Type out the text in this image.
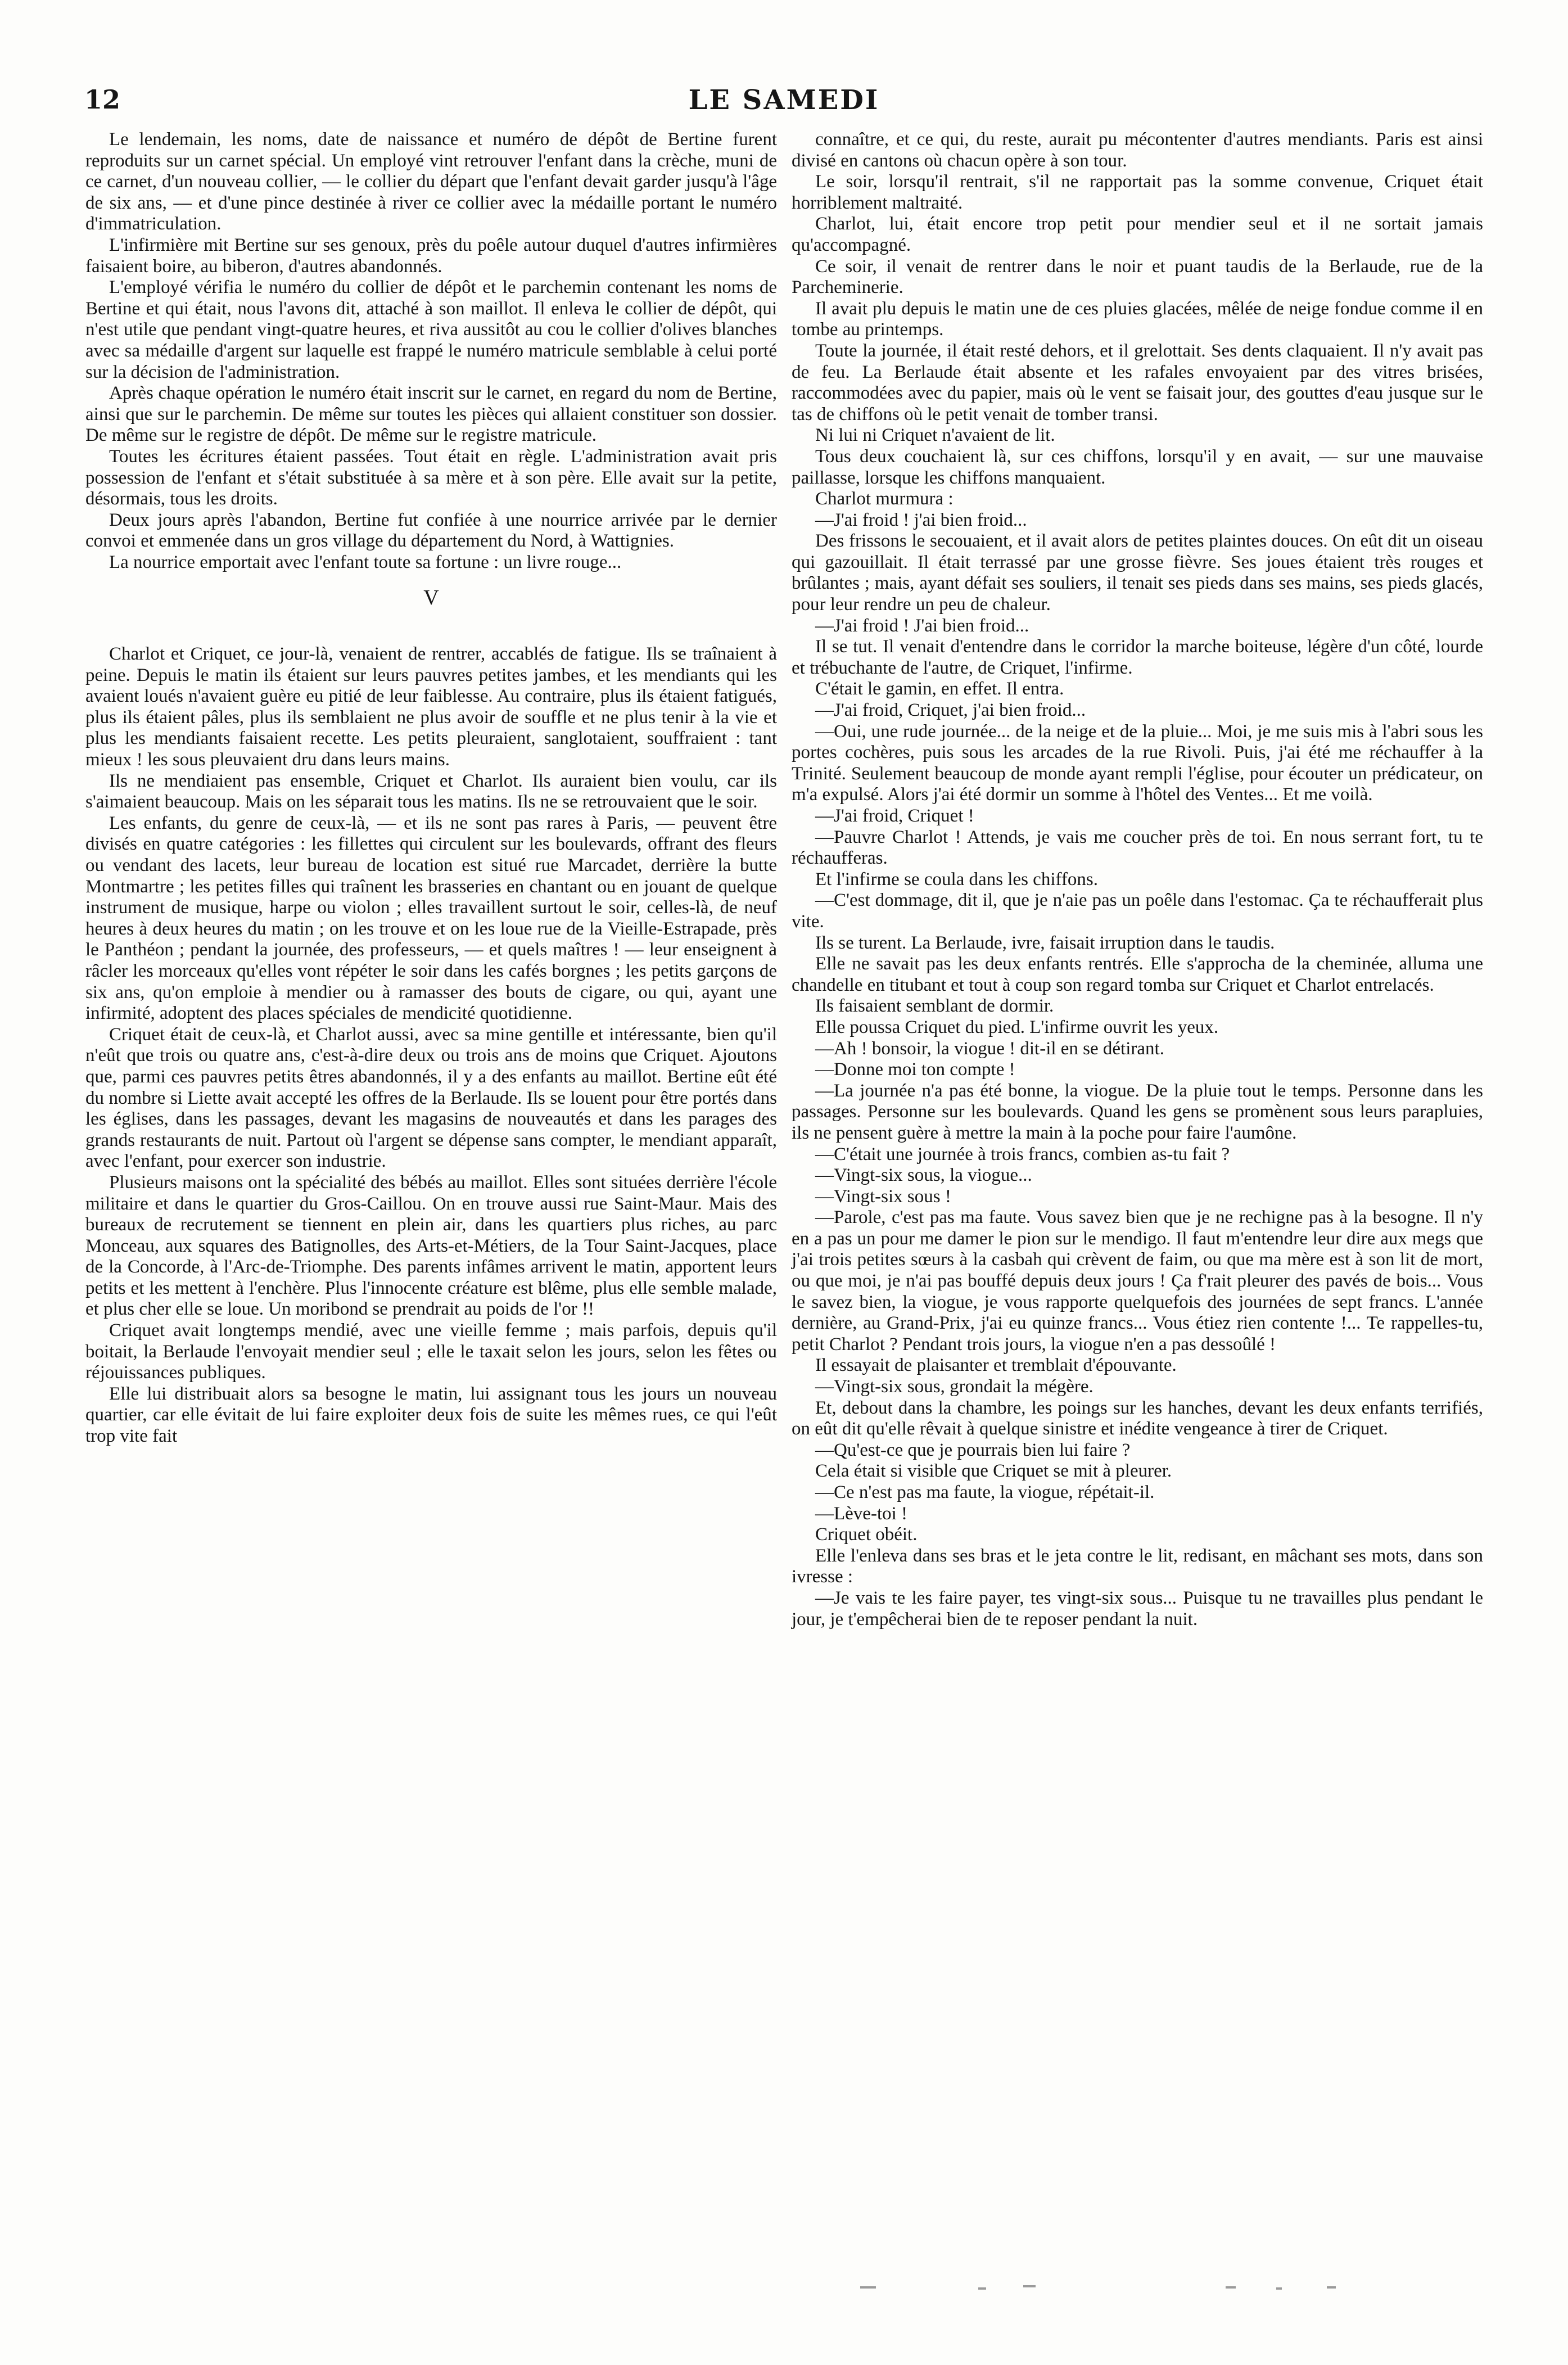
12	LE SAMEDI

Le lendemain, les noms, date de naissance et numéro de dépôt de Bertine furent reproduits sur un carnet spécial. Un employé vint retrouver l'enfant dans la crèche, muni de ce carnet, d'un nouveau collier, — le collier du départ que l'enfant devait garder jusqu'à l'âge de six ans, — et d'une pince destinée à river ce collier avec la médaille portant le numéro d'immatriculation.

L'infirmière mit Bertine sur ses genoux, près du poêle autour duquel d'autres infirmières faisaient boire, au biberon, d'autres abandonnés.

L'employé vérifia le numéro du collier de dépôt et le parchemin contenant les noms de Bertine et qui était, nous l'avons dit, attaché à son maillot. Il enleva le collier de dépôt, qui n'est utile que pendant vingt-quatre heures, et riva aussitôt au cou le collier d'olives blanches avec sa médaille d'argent sur laquelle est frappé le numéro matricule semblable à celui porté sur la décision de l'administration.

Après chaque opération le numéro était inscrit sur le carnet, en regard du nom de Bertine, ainsi que sur le parchemin. De même sur toutes les pièces qui allaient constituer son dossier. De même sur le registre de dépôt. De même sur le registre matricule.

Toutes les écritures étaient passées. Tout était en règle. L'administration avait pris possession de l'enfant et s'était substituée à sa mère et à son père. Elle avait sur la petite, désormais, tous les droits.

Deux jours après l'abandon, Bertine fut confiée à une nourrice arrivée par le dernier convoi et emmenée dans un gros village du département du Nord, à Wattignies.

La nourrice emportait avec l'enfant toute sa fortune : un livre rouge...

V

Charlot et Criquet, ce jour-là, venaient de rentrer, accablés de fatigue. Ils se traînaient à peine. Depuis le matin ils étaient sur leurs pauvres petites jambes, et les mendiants qui les avaient loués n'avaient guère eu pitié de leur faiblesse. Au contraire, plus ils étaient fatigués, plus ils étaient pâles, plus ils semblaient ne plus avoir de souffle et ne plus tenir à la vie et plus les mendiants faisaient recette. Les petits pleuraient, sanglotaient, souffraient : tant mieux ! les sous pleuvaient dru dans leurs mains.

Ils ne mendiaient pas ensemble, Criquet et Charlot. Ils auraient bien voulu, car ils s'aimaient beaucoup. Mais on les séparait tous les matins. Ils ne se retrouvaient que le soir.

Les enfants, du genre de ceux-là, — et ils ne sont pas rares à Paris, — peuvent être divisés en quatre catégories : les fillettes qui circulent sur les boulevards, offrant des fleurs ou vendant des lacets, leur bureau de location est situé rue Marcadet, derrière la butte Montmartre ; les petites filles qui traînent les brasseries en chantant ou en jouant de quelque instrument de musique, harpe ou violon ; elles travaillent surtout le soir, celles-là, de neuf heures à deux heures du matin ; on les trouve et on les loue rue de la Vieille-Estrapade, près le Panthéon ; pendant la journée, des professeurs, — et quels maîtres ! — leur enseignent à râcler les morceaux qu'elles vont répéter le soir dans les cafés borgnes ; les petits garçons de six ans, qu'on emploie à mendier ou à ramasser des bouts de cigare, ou qui, ayant une infirmité, adoptent des places spéciales de mendicité quotidienne.

Criquet était de ceux-là, et Charlot aussi, avec sa mine gentille et intéressante, bien qu'il n'eût que trois ou quatre ans, c'est-à-dire deux ou trois ans de moins que Criquet. Ajoutons que, parmi ces pauvres petits êtres abandonnés, il y a des enfants au maillot. Bertine eût été du nombre si Liette avait accepté les offres de la Berlaude. Ils se louent pour être portés dans les églises, dans les passages, devant les magasins de nouveautés et dans les parages des grands restaurants de nuit. Partout où l'argent se dépense sans compter, le mendiant apparaît, avec l'enfant, pour exercer son industrie.

Plusieurs maisons ont la spécialité des bébés au maillot. Elles sont situées derrière l'école militaire et dans le quartier du Gros-Caillou. On en trouve aussi rue Saint-Maur. Mais des bureaux de recrutement se tiennent en plein air, dans les quartiers plus riches, au parc Monceau, aux squares des Batignolles, des Arts-et-Métiers, de la Tour Saint-Jacques, place de la Concorde, à l'Arc-de-Triomphe. Des parents infâmes arrivent le matin, apportent leurs petits et les mettent à l'enchère. Plus l'innocente créature est blême, plus elle semble malade, et plus cher elle se loue. Un moribond se prendrait au poids de l'or !!

Criquet avait longtemps mendié, avec une vieille femme ; mais parfois, depuis qu'il boitait, la Berlaude l'envoyait mendier seul ; elle le taxait selon les jours, selon les fêtes ou réjouissances publiques.

Elle lui distribuait alors sa besogne le matin, lui assignant tous les jours un nouveau quartier, car elle évitait de lui faire exploiter deux fois de suite les mêmes rues, ce qui l'eût trop vite fait

connaître, et ce qui, du reste, aurait pu mécontenter d'autres mendiants. Paris est ainsi divisé en cantons où chacun opère à son tour.

Le soir, lorsqu'il rentrait, s'il ne rapportait pas la somme convenue, Criquet était horriblement maltraité.

Charlot, lui, était encore trop petit pour mendier seul et il ne sortait jamais qu'accompagné.

Ce soir, il venait de rentrer dans le noir et puant taudis de la Berlaude, rue de la Parcheminerie.

Il avait plu depuis le matin une de ces pluies glacées, mêlée de neige fondue comme il en tombe au printemps.

Toute la journée, il était resté dehors, et il grelottait. Ses dents claquaient. Il n'y avait pas de feu. La Berlaude était absente et les rafales envoyaient par des vitres brisées, raccommodées avec du papier, mais où le vent se faisait jour, des gouttes d'eau jusque sur le tas de chiffons où le petit venait de tomber transi.

Ni lui ni Criquet n'avaient de lit.

Tous deux couchaient là, sur ces chiffons, lorsqu'il y en avait, — sur une mauvaise paillasse, lorsque les chiffons manquaient.

Charlot murmura :

—J'ai froid ! j'ai bien froid...

Des frissons le secouaient, et il avait alors de petites plaintes douces. On eût dit un oiseau qui gazouillait. Il était terrassé par une grosse fièvre. Ses joues étaient très rouges et brûlantes ; mais, ayant défait ses souliers, il tenait ses pieds dans ses mains, ses pieds glacés, pour leur rendre un peu de chaleur.

—J'ai froid ! J'ai bien froid...

Il se tut. Il venait d'entendre dans le corridor la marche boiteuse, légère d'un côté, lourde et trébuchante de l'autre, de Criquet, l'infirme.

C'était le gamin, en effet. Il entra.

—J'ai froid, Criquet, j'ai bien froid...

—Oui, une rude journée... de la neige et de la pluie... Moi, je me suis mis à l'abri sous les portes cochères, puis sous les arcades de la rue Rivoli. Puis, j'ai été me réchauffer à la Trinité. Seulement beaucoup de monde ayant rempli l'église, pour écouter un prédicateur, on m'a expulsé. Alors j'ai été dormir un somme à l'hôtel des Ventes... Et me voilà.

—J'ai froid, Criquet !

—Pauvre Charlot ! Attends, je vais me coucher près de toi. En nous serrant fort, tu te réchaufferas.

Et l'infirme se coula dans les chiffons.

—C'est dommage, dit il, que je n'aie pas un poêle dans l'estomac. Ça te réchaufferait plus vite.

Ils se turent. La Berlaude, ivre, faisait irruption dans le taudis.

Elle ne savait pas les deux enfants rentrés. Elle s'approcha de la cheminée, alluma une chandelle en titubant et tout à coup son regard tomba sur Criquet et Charlot entrelacés.

Ils faisaient semblant de dormir.

Elle poussa Criquet du pied. L'infirme ouvrit les yeux.

—Ah ! bonsoir, la viogue ! dit-il en se détirant.

—Donne moi ton compte !

—La journée n'a pas été bonne, la viogue. De la pluie tout le temps. Personne dans les passages. Personne sur les boulevards. Quand les gens se promènent sous leurs parapluies, ils ne pensent guère à mettre la main à la poche pour faire l'aumône.

—C'était une journée à trois francs, combien as-tu fait ?

—Vingt-six sous, la viogue...

—Vingt-six sous !

—Parole, c'est pas ma faute. Vous savez bien que je ne rechigne pas à la besogne. Il n'y en a pas un pour me damer le pion sur le mendigo. Il faut m'entendre leur dire aux megs que j'ai trois petites sœurs à la casbah qui crèvent de faim, ou que ma mère est à son lit de mort, ou que moi, je n'ai pas bouffé depuis deux jours ! Ça f'rait pleurer des pavés de bois... Vous le savez bien, la viogue, je vous rapporte quelquefois des journées de sept francs. L'année dernière, au Grand-Prix, j'ai eu quinze francs... Vous étiez rien contente !... Te rappelles-tu, petit Charlot ? Pendant trois jours, la viogue n'en a pas dessoûlé !

Il essayait de plaisanter et tremblait d'épouvante.

—Vingt-six sous, grondait la mégère.

Et, debout dans la chambre, les poings sur les hanches, devant les deux enfants terrifiés, on eût dit qu'elle rêvait à quelque sinistre et inédite vengeance à tirer de Criquet.

—Qu'est-ce que je pourrais bien lui faire ?

Cela était si visible que Criquet se mit à pleurer.

—Ce n'est pas ma faute, la viogue, répétait-il.

—Lève-toi !

Criquet obéit.

Elle l'enleva dans ses bras et le jeta contre le lit, redisant, en mâchant ses mots, dans son ivresse :

—Je vais te les faire payer, tes vingt-six sous... Puisque tu ne travailles plus pendant le jour, je t'empêcherai bien de te reposer pendant la nuit.
